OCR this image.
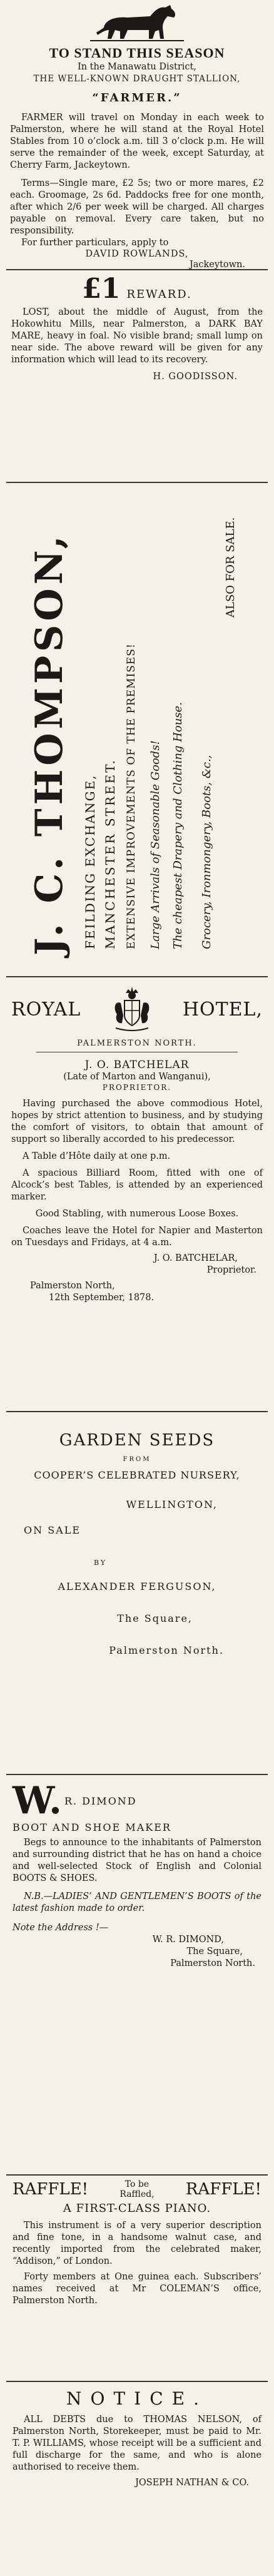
TO STAND THIS SEASON
In the Manawatu District,
THE WELL-KNOWN DRAUGHT STALLION,
“FARMER.”

FARMER will travel on Monday in each week to Palmerston, where he will stand at the Royal Hotel Stables from 10 o’clock a.m. till 3 o’clock p.m. He will serve the remainder of the week, except Saturday, at Cherry Farm, Jackeytown.

Terms—Single mare, £2 5s; two or more mares, £2 each. Groomage, 2s 6d. Paddocks free for one month, after which 2/6 per week will be charged. All charges payable on removal. Every care taken, but no responsibility.

For further particulars, apply to

DAVID ROWLANDS,
Jackeytown.
£1 REWARD.

LOST, about the middle of August, from the Hokowhitu Mills, near Palmerston, a DARK BAY MARE, heavy in foal. No visible brand; small lump on near side. The above reward will be given for any information which will lead to its recovery.

H. GOODISSON.
J. C. THOMPSON, FEILDING EXCHANGE, MANCHESTER STREET. EXTENSIVE IMPROVEMENTS OF THE PREMISES! Large Arrivals of Seasonable Goods! The cheapest Drapery and Clothing House. Grocery, Ironmongery, Boots, &c.,
ALSO FOR SALE.
ROYAL	HOTEL,
PALMERSTON NORTH.
J. O. BATCHELAR
(Late of Marton and Wanganui),
PROPRIETOR.

Having purchased the above commodious Hotel, hopes by strict attention to business, and by studying the comfort of visitors, to obtain that amount of support so liberally accorded to his predecessor.

A Table d’Hôte daily at one p.m.

A spacious Billiard Room, fitted with one of Alcock’s best Tables, is attended by an experienced marker.

Good Stabling, with numerous Loose Boxes.

Coaches leave the Hotel for Napier and Masterton on Tuesdays and Fridays, at 4 a.m.

J. O. BATCHELAR,
Proprietor.
Palmerston North,
12th September, 1878.
GARDEN SEEDS
FROM
COOPER’S CELEBRATED NURSERY,
WELLINGTON,
ON SALE
BY
ALEXANDER FERGUSON,
The Square,
Palmerston North.
W. R. DIMOND
BOOT AND SHOE MAKER

Begs to announce to the inhabitants of Palmerston and surrounding district that he has on hand a choice and well-selected Stock of English and Colonial BOOTS & SHOES.

N.B.—LADIES’ AND GENTLEMEN’S BOOTS of the latest fashion made to order.

Note the Address !—
W. R. DIMOND,
The Square,
Palmerston North.
RAFFLE!	To be
Raffled, RAFFLE!
A FIRST-CLASS PIANO.

This instrument is of a very superior description and fine tone, in a handsome walnut case, and recently imported from the celebrated maker, “Addison,” of London.

Forty members at One guinea each. Subscribers’ names received at Mr COLEMAN’S office, Palmerston North.

NOTICE.

ALL DEBTS due to THOMAS NELSON, of Palmerston North, Storekeeper, must be paid to Mr. T. P. WILLIAMS, whose receipt will be a sufficient and full discharge for the same, and who is alone authorised to receive them.

JOSEPH NATHAN & CO.
